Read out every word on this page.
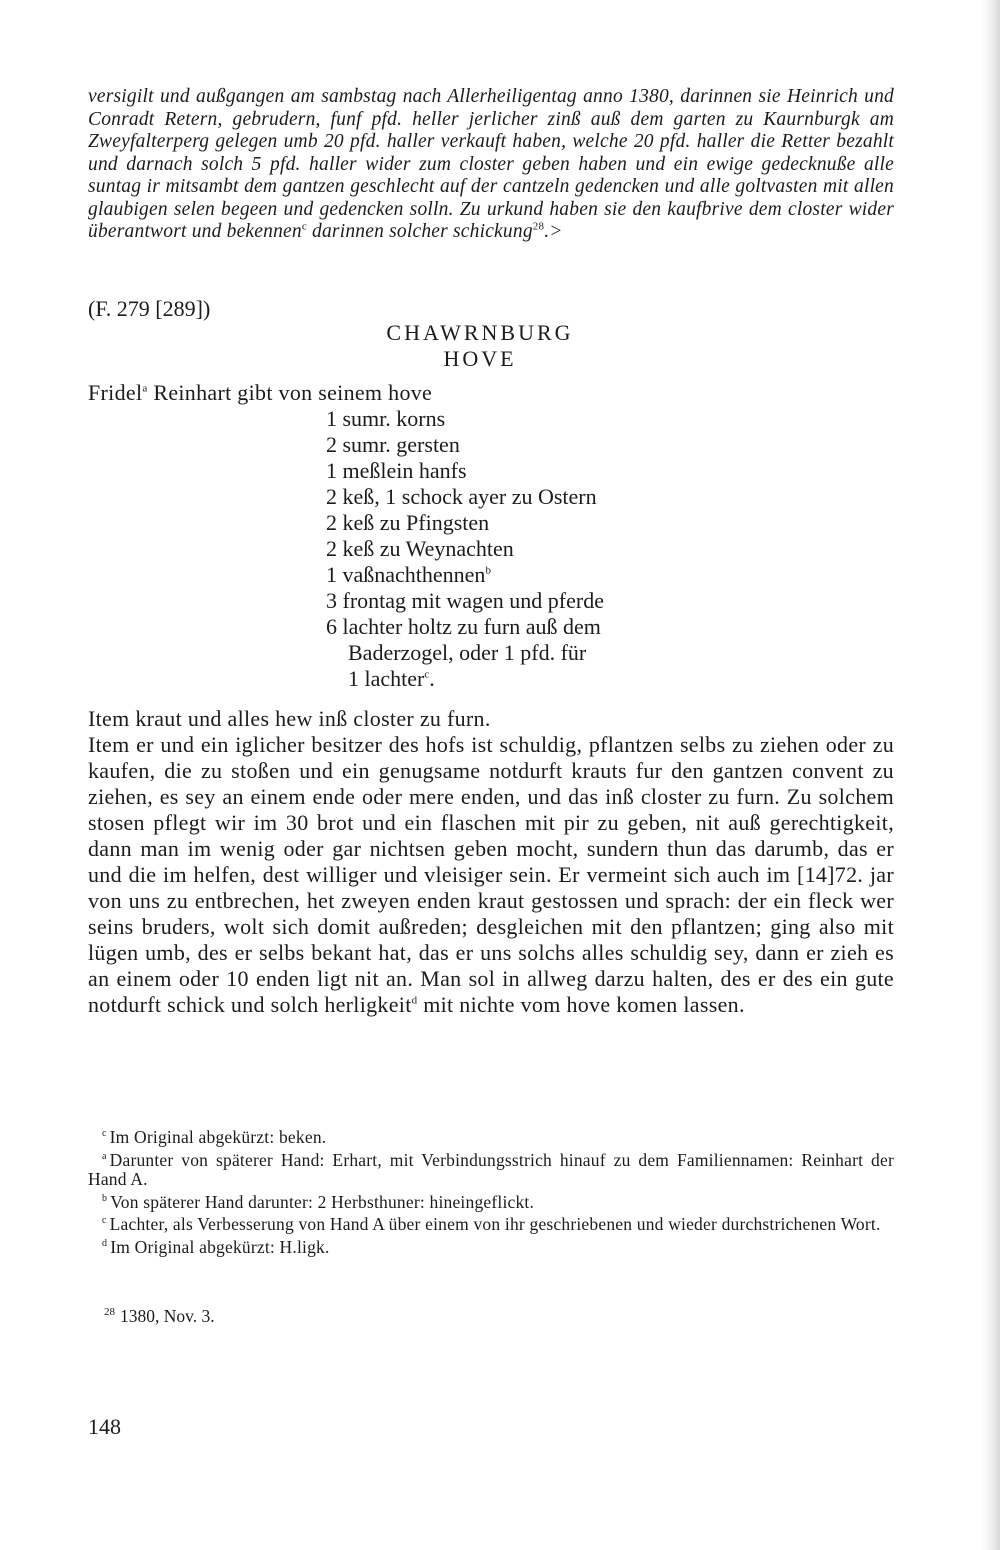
versigilt und außgangen am sambstag nach Allerheiligentag anno 1380, darinnen sie Heinrich und Conradt Retern, gebrudern, funf pfd. heller jerlicher zinß auß dem garten zu Kaurnburgk am Zweyfalterperg gelegen umb 20 pfd. haller verkauft haben, welche 20 pfd. haller die Retter bezahlt und darnach solch 5 pfd. haller wider zum closter geben haben und ein ewige gedecknuße alle suntag ir mitsambt dem gantzen geschlecht auf der cantzeln gedencken und alle goltvasten mit allen glaubigen selen begeen und gedencken solln. Zu urkund haben sie den kaufbrive dem closter wider überantwort und bekennen$^c$ darinnen solcher schickung$^{28}$.>

(F. 279 [289])
CHAWRNBURG
HOVE
Fridel$^a$ Reinhart gibt von seinem hove
1 sumr. korns
2 sumr. gersten
1 meßlein hanfs
2 keß, 1 schock ayer zu Ostern
2 keß zu Pfingsten
2 keß zu Weynachten
1 vaßnachthennen$^b$
3 frontag mit wagen und pferde
6 lachter holtz zu furn auß dem
Baderzogel, oder 1 pfd. für
1 lachter$^c$.

Item kraut und alles hew inß closter zu furn.

Item er und ein iglicher besitzer des hofs ist schuldig, pflantzen selbs zu ziehen oder zu kaufen, die zu stoßen und ein genugsame notdurft krauts fur den gantzen convent zu ziehen, es sey an einem ende oder mere enden, und das inß closter zu furn. Zu solchem stosen pflegt wir im 30 brot und ein flaschen mit pir zu geben, nit auß gerechtigkeit, dann man im wenig oder gar nichtsen geben mocht, sundern thun das darumb, das er und die im helfen, dest williger und vleisiger sein. Er vermeint sich auch im [14]72. jar von uns zu entbrechen, het zweyen enden kraut gestossen und sprach: der ein fleck wer seins bruders, wolt sich domit außreden; desgleichen mit den pflantzen; ging also mit lügen umb, des er selbs bekant hat, das er uns solchs alles schuldig sey, dann er zieh es an einem oder 10 enden ligt nit an. Man sol in allweg darzu halten, des er des ein gute notdurft schick und solch herligkeit$^d$ mit nichte vom hove komen lassen.

$^c$ Im Original abgekürzt: beken.

$^a$ Darunter von späterer Hand: Erhart, mit Verbindungsstrich hinauf zu dem Familiennamen: Reinhart der Hand A.

$^b$ Von späterer Hand darunter: 2 Herbsthuner: hineingeflickt.

$^c$ Lachter, als Verbesserung von Hand A über einem von ihr geschriebenen und wieder durchstrichenen Wort.

$^d$ Im Original abgekürzt: H.ligk.

$^{28}$ 1380, Nov. 3.
148
